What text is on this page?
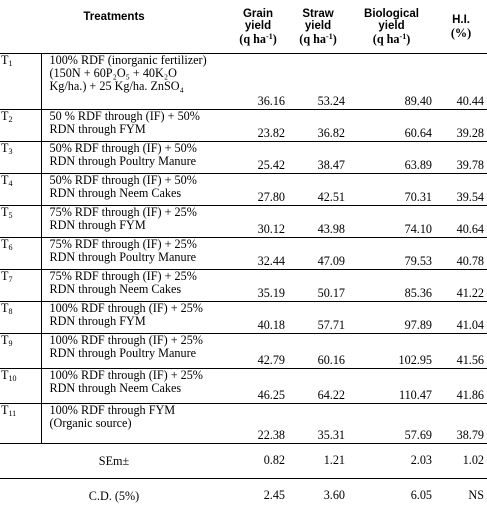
Treatments		Grain
yield
(q $ha^{-1}$)	Straw
yield
(q $ha^{-1}$)	Biological
yield
(q $ha^{-1}$)	H.I.
(%)

$T_1$	100% RDF (inorganic fertilizer)
(150N + 60P₂O₅ + 40K₂O
Kg/ha.) + 25 Kg/ha. ZnSO₄	36.16	53.24	89.40	40.44
$T_2$	50 % RDF through (IF) + 50%
RDN through FYM	23.82	36.82	60.64	39.28
$T_3$	50% RDF through (IF) + 50%
RDN through Poultry Manure	25.42	38.47	63.89	39.78
$T_4$	50% RDF through (IF) + 50%
RDN through Neem Cakes	27.80	42.51	70.31	39.54
$T_5$	75% RDF through (IF) + 25%
RDN through FYM	30.12	43.98	74.10	40.64
$T_6$	75% RDF through (IF) + 25%
RDN through Poultry Manure	32.44	47.09	79.53	40.78
$T_7$	75% RDF through (IF) + 25%
RDN through Neem Cakes	35.19	50.17	85.36	41.22
$T_8$	100% RDF through (IF) + 25%
RDN through FYM	40.18	57.71	97.89	41.04
$T_9$	100% RDF through (IF) + 25%
RDN through Poultry Manure	42.79	60.16	102.95	41.56
$T_{10}$	100% RDF through (IF) + 25%
RDN through Neem Cakes	46.25	64.22	110.47	41.86
$T_{11}$	100% RDF through FYM
(Organic source)	22.38	35.31	57.69	38.79
SEm±		0.82	1.21	2.03	1.02
C.D. (5%)		2.45	3.60	6.05	NS
